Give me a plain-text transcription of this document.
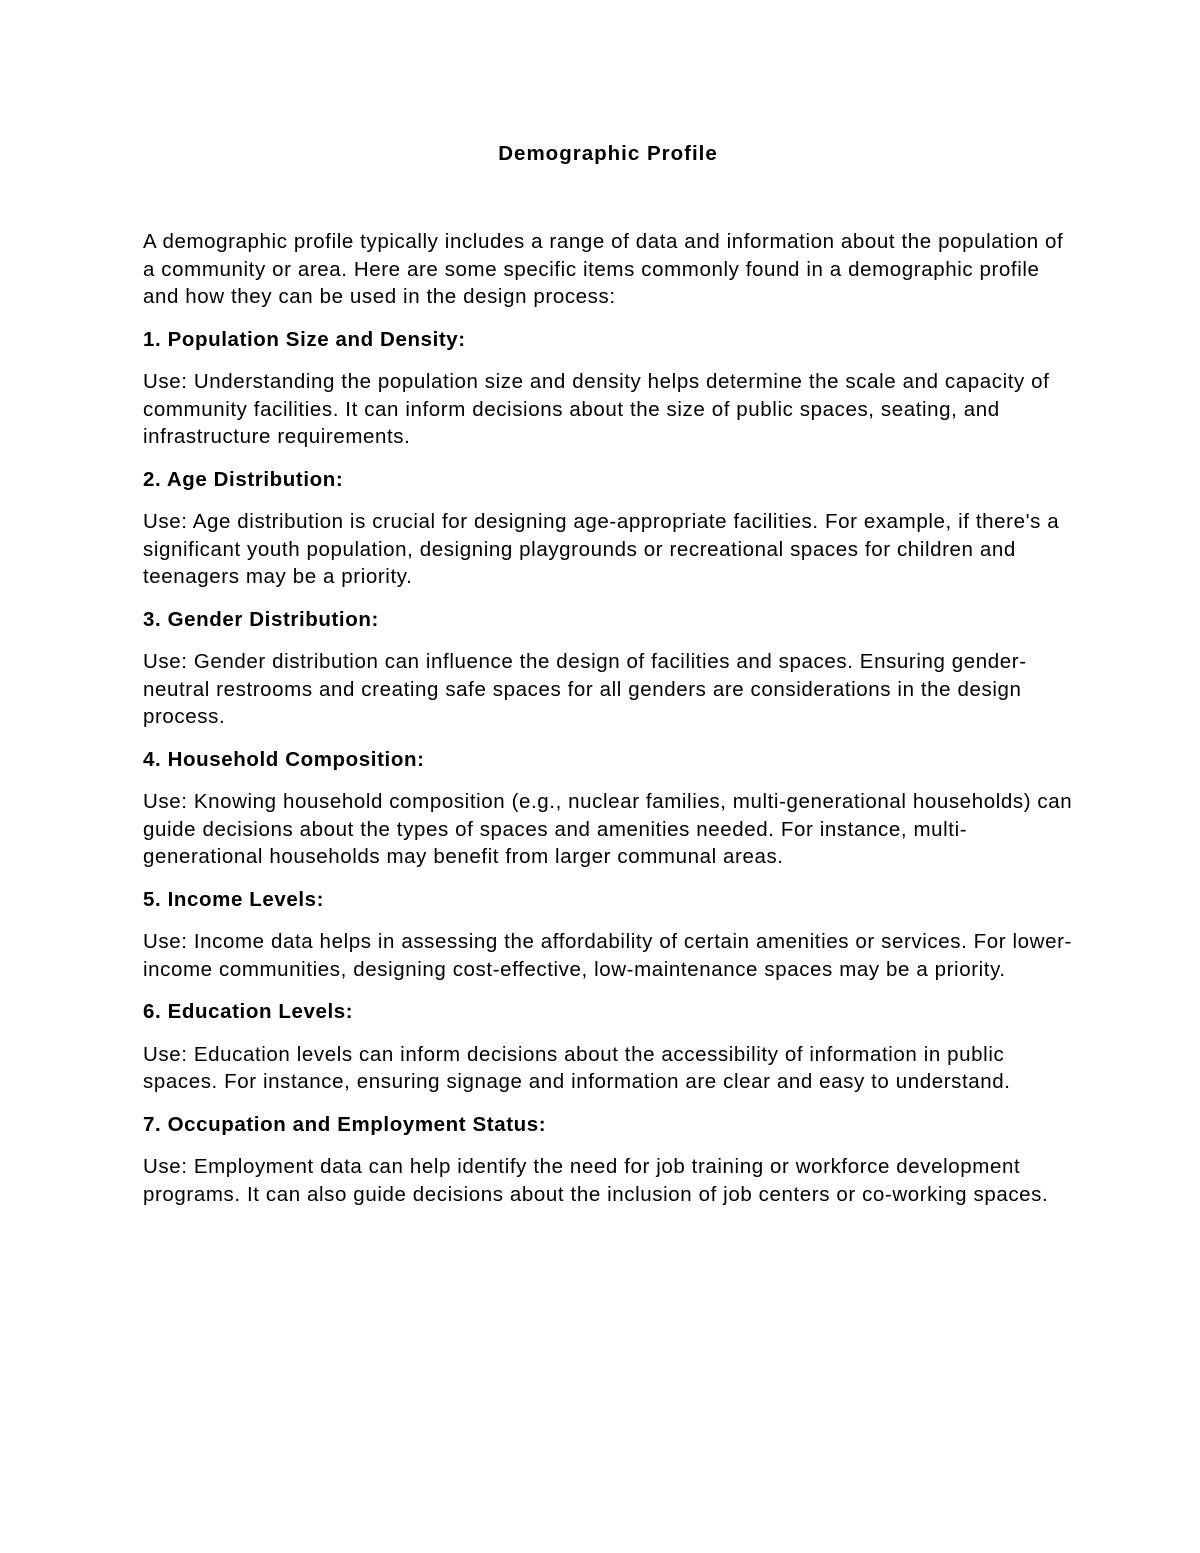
Demographic Profile

A demographic profile typically includes a range of data and information about the population of a community or area. Here are some specific items commonly found in a demographic profile and how they can be used in the design process:

1. Population Size and Density:

Use: Understanding the population size and density helps determine the scale and capacity of community facilities. It can inform decisions about the size of public spaces, seating, and infrastructure requirements.

2. Age Distribution:

Use: Age distribution is crucial for designing age-appropriate facilities. For example, if there's a significant youth population, designing playgrounds or recreational spaces for children and teenagers may be a priority.

3. Gender Distribution:

Use: Gender distribution can influence the design of facilities and spaces. Ensuring gender-neutral restrooms and creating safe spaces for all genders are considerations in the design process.

4. Household Composition:

Use: Knowing household composition (e.g., nuclear families, multi-generational households) can guide decisions about the types of spaces and amenities needed. For instance, multi-generational households may benefit from larger communal areas.

5. Income Levels:

Use: Income data helps in assessing the affordability of certain amenities or services. For lower-income communities, designing cost-effective, low-maintenance spaces may be a priority.

6. Education Levels:

Use: Education levels can inform decisions about the accessibility of information in public spaces. For instance, ensuring signage and information are clear and easy to understand.

7. Occupation and Employment Status:

Use: Employment data can help identify the need for job training or workforce development programs. It can also guide decisions about the inclusion of job centers or co-working spaces.
